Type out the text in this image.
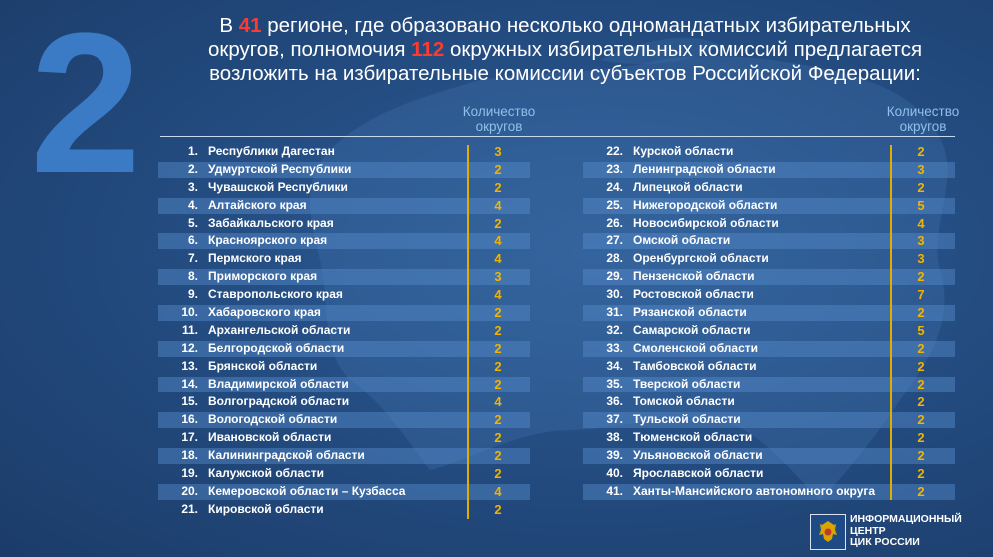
2	В 41 регионе, где образовано несколько одномандатных избирательных
округов, полномочия 112 окружных избирательных комиссий предлагается
возложить на избирательные комиссии субъектов Российской Федерации:
Количество
округов
Количество
округов
1. Республики Дагестан	3
2. Удмуртской Республики	2
3. Чувашской Республики	2
4. Алтайского края	4
5. Забайкальского края	2
6. Красноярского края	4
7. Пермского края	4
8. Приморского края	3
9. Ставропольского края	4
10. Хабаровского края	2
11. Архангельской области	2
12. Белгородской области	2
13. Брянской области	2
14. Владимирской области	2
15. Волгоградской области	4
16. Вологодской области	2
17. Ивановской области	2
18. Калининградской области	2
19. Калужской области	2
20. Кемеровской области – Кузбасса	4
21. Кировской области	2
22. Курской области	2
23. Ленинградской области	3
24. Липецкой области	2
25. Нижегородской области	5
26. Новосибирской области	4
27. Омской области	3
28. Оренбургской области	3
29. Пензенской области	2
30. Ростовской области	7
31. Рязанской области	2
32. Самарской области	5
33. Смоленской области	2
34. Тамбовской области	2
35. Тверской области	2
36. Томской области	2
37. Тульской области	2
38. Тюменской области	2
39. Ульяновской области	2
40. Ярославской области	2
41. Ханты-Мансийского автономного округа	2
ИНФОРМАЦИОННЫЙ
ЦЕНТР
ЦИК РОССИИ
